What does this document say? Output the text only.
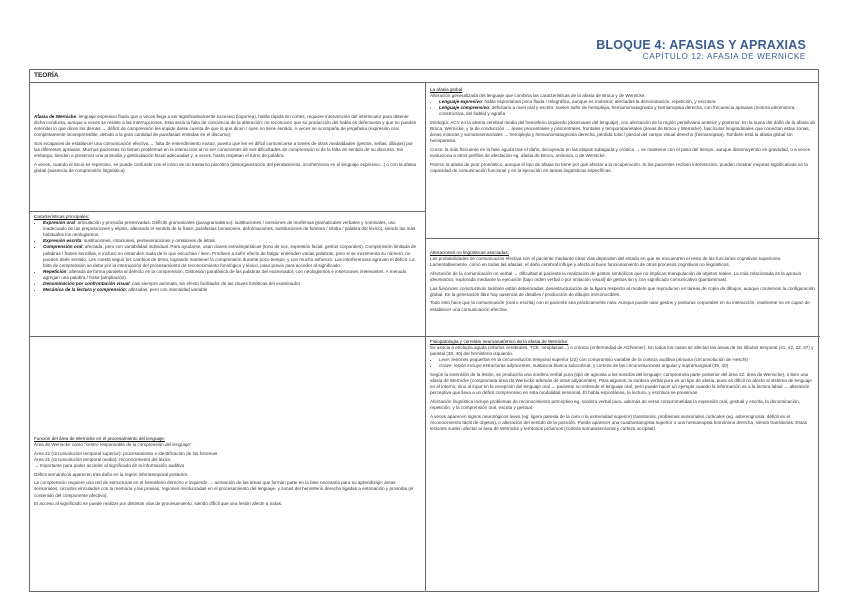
BLOQUE 4: AFASIAS Y APRAXIAS
CAPÍTULO 12: AFASIA DE WERNICKE
TEORÍA

Afasia de Wernicke: lenguaje expresivo fluido que a veces llega a ser significativamente excesivo (logorrea), habla rápida sin cortes, requiere intervención del interlocutor para detener dicha conducta, aunque a veces se resiste a las interrupciones. Esta sería la falta de conciencia de la alteración: no reconocen que su producción del habla es defectuosa y que no pueden entender lo que dicen los demás → déficit de comprensión les impide darse cuenta de que lo que dicen / oyen no tiene sentido. A veces se acompaña de jergafasia (expresión oral completamente incomprensible, debido a la gran cantidad de parafasias emitidas en el discurso).

Son incapaces de establecer una comunicación efectiva → falta de entendimiento mutuo, puesto que les es difícil comunicarse a través de otras modalidades (gestos, señas, dibujos) por las diferentes apraxias. Muchos pacientes no tienen problemas en la interacción al no ser conscientes de sus dificultades de comprensión ni de la falta de sentido de su discurso. Sin embargo, tienden a preservar una prosodia y gesticulación facial adecuadas y, a veces, hasta respetan el turno de palabra.

A veces, cuando el inicio es repentino, se puede confundir con el inicio de un trastorno psicótico (desorganización del pensamiento, incoherencia en el lenguaje expresivo...) o con la afasia global (ausencia de comprensión lingüística).

La afasia global

Alteración generalizada del lenguaje que combina las características de la afasia de Broca y de Wernicke.

• Lenguaje expresivo: habla espontánea poco fluida / telegráfica, aunque es mutismo; afectadas la denominación, repetición, y escritura
• Lenguaje comprensivo: deficitario a nivel oral y escrito; suelen sufrir de hemiplejia, hemianomatognosia y hemianopsia derecha, con frecuencia apraxias (motora ideomotora, constructiva, del habla) y agrafia

Etiología: ACV en la arteria cerebral media del hemisferio izquierdo (dominante del lenguaje), con afectación de la región perisilviana anterior y posterior. En la suma del daño de la afasia de Broca, Wernicke, y la de conducción → áreas precentrales y poscentrales, frontales y temporoparietales (áreas de Broca y Wernicke), fascículos longitudinales que conectan estas zonas, áreas motoras y somatosensoriales → hemiplejía y hemianomatognosia derecha, pérdida total / parcial del campo visual derecho (hemianopsia). También está la afasia global sin hemiparesia.

Curso: la más frecuente en la fase aguda tras el daño, decayendo en las etapas subaguda y crónica → se mantiene con el paso del tiempo, aunque disminuyendo en gravedad, o a veces evoluciona a otros perfiles de afectación eg. afasia de Broca, anómica, o de Wernicke.

Parece la afasia de peor pronóstico, aunque el tipo de afasia no tiene por qué afectar a la recuperación. Si los pacientes reciben intervención, pueden mostrar mejoras significativas en la capacidad de comunicación funcional y en la ejecución en tareas lingüísticas específicas.

Características principales:
• Expresión oral: articulación y prosodia preservadas. Déficits gramaticales (paragramatismo): sustituciones / omisiones de morfemas gramaticales verbales y nominales, uso inadecuado de las preposiciones y elipsis, alterando el sentido de la frase; parafasias (omisiones, deformaciones, sustituciones de fonema / sílaba / palabra del léxico), siendo las más habituales los neologismos.
• Expresión escrita: sustituciones, rotaciones, perseveraciones y omisiones de letras.
• Comprensión oral: afectada, pero con variabilidad individual. Para ayudarse, usan claves extralingüísticas (tono de voz, expresión facial, gestos corporales). Comprensión limitada de palabras / frases sencillas, e incluso no entienden nada de lo que escuchan / leen. Prodiven a sufrir efecto de fatiga: entienden varias palabras, pero si se incrementa su número, no pueden darle sentido. Les cuesta seguir los cambios de tema, logrando mantener la comprensión durante poco tiempo, y con mucho esfuerzo. Las interferencias agravan el déficit. La falta de comprensión se debe por la interrupción del procesamiento de reconocimiento fonológico y léxico, paso previo para acceder al significado.
• Repetición: alterada de forma paralela al defecto en la comprensión. Distorsión parafásica de las palabras del examinador, con neologismos e inserciones irrelevantes. A menudo agregan una palabra / frase (ampliación).
• Denominación por confrontación visual: casi siempre anómala, sin efecto facilitador de las claves fonéticas del examinador
• Mecánica de la lectura y comprensión: alteradas, pero con intensidad variable
Alteraciones no lingüísticas asociadas:

Las probabilidades de comunicación efectiva con el paciente mediante otras vías dependen del estado en que se encuentren el resto de las funciones cognitivas superiores. Lamentablemente, como en todas las afasias, el daño cerebral influye y afecta al buen funcionamiento de otros procesos cognitivos no lingüísticos.

Afectación de la comunicación no verbal → dificultad al paciente la realización de gestos simbólicos que no implican manipulación de objetos reales. La más relacionada es la apraxia ideomotora, explorada mediante la ejecución (bajo orden verbal o por imitación visual) de gestos sin y con significado comunicativo (pantomimas).

Las funciones constructivas también están deterioradas: desestructuración de la figura respecto al modelo que reproducen en tareas de copia de dibujos, aunque conservan la configuración global. En la generación libre hay ausencia de detalles / producción de dibujos irreconocibles.

Todo esto hace que la comunicación (oral o escrita) con el paciente sea prácticamente nula. Aunque puede usar gestos y posturas corporales en su interacción, realmente no es capaz de establecer una comunicación efectiva.

Función del área de Wernicke en el procesamiento del lenguaje:
Área de Wernicke como "centro responsable de la comprensión del lenguaje".
Área 22 (circunvolución temporal superior): procesamiento e identificación de los fonemas
Área 21 (circunvolución temporal media): reconocimiento del léxico
→ Importante para poder acceder al significado de la información auditiva

Déficit semánticos aparecen tras daño en la región inferotemporal posterior.

La comprensión requiere una red de estructuras en el hemisferio derecho e izquierdo → activación de las áreas que forman parte en la fase necesaria para su aprendizaje: áreas sensoriales, circuitos vinculados con la memoria y las praxias, regiones involucradas en el procesamiento del lenguaje, y zonas del hemisferio derecho ligadas a entonación y prosodia (el contenido del componente afectivo).

El acceso al significado se puede realizar por distintas vías de procesamiento, siendo difícil que una lesión afecte a todas.

Fisiopatología y correlato neuroanatómico de la afasia de Wernicke:

Se asocia a etiología aguda (infartos cerebrales, TCE, neoplasias...) o crónica (enfermedad de Alzheimer). En todos los casos se afectan las áreas de los lóbulos temporal (41, 42, 22, 37) y parietal (39, 40) del hemisferio izquierdo.

• Leve: lesiones pequeñas en la circunvolución temporal superior (22) con compromiso variable de la corteza auditiva primaria (circunvolución de Heschl)
• Grave: lesión incluye estructuras adyacentes, sustancia blanca subcortical, y corteza de las circunvoluciones angular y supramarginal (39, 40)

Según la extensión de la lesión, se produciría una sordera verbal pura (tipo de agnosia a los sonidos del lenguaje; comprometa parte posterior del área 22: área de Wernicke), o bien una afasia de Wernicke (comprometa área de Wernicke además de otras adyacentes). Para algunos, la sordera verbal pura es un tipo de afasia, pues es difícil no afecta al sistema de lenguaje en el interno; sino al input en la recepción del lenguaje oral → paciente no entiende el lenguaje oral, pero puede hacer un ejemplo cuando la información es a la lectura labial → alteración perceptiva que lleva a un déficit comprensivo en esta modalidad sensorial. El habla espontánea, la lectura, y escritura se preservan.

Afectación lingüística incluye problemas de reconocimiento perceptivo eg. sordera verbal pura, además de verse comprometidas la expresión oral, gestual y escrita, la denominación, repetición, y la comprensión oral, escrita y gestual.

A veces aparecen signos neurológicos leves (eg. ligera paresia de la cara o la extremidad superior) transitorios, problemas sensoriales corticales (eg. astereognosia: déficit en el reconocimiento táctil de objetos), o alteración del sentido de la posición. Puede aparecer una cuadrantanopsia superior o una hemianopsia homónima derecha, siendo transitorias. Estas lesiones suelen afectar al área de Wernicke y territorios próximos (corteza somatosensorial y corteza occipital).
